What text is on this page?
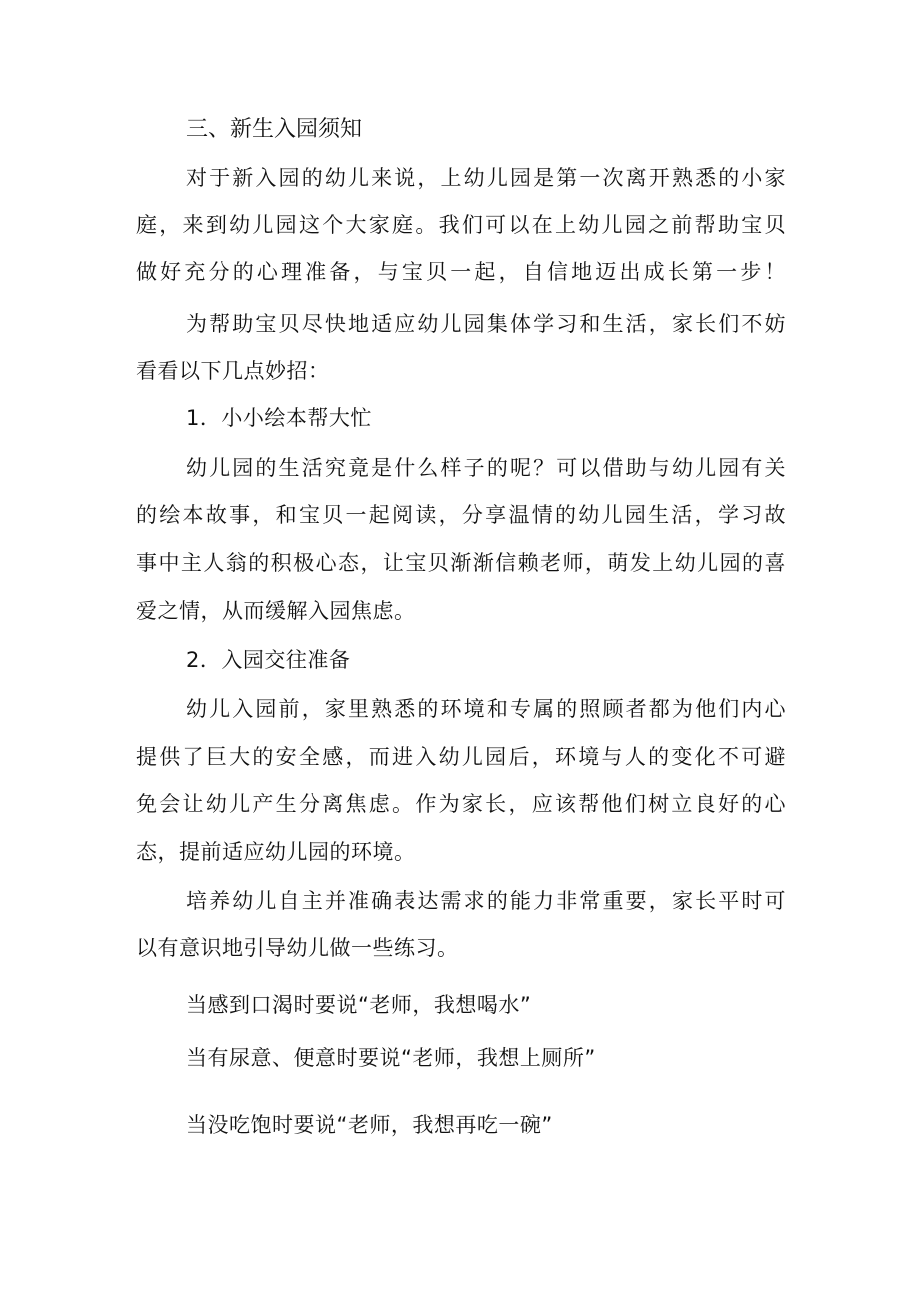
三、新生入园须知
对于新入园的幼儿来说，上幼儿园是第一次离开熟悉的小家
庭，来到幼儿园这个大家庭。我们可以在上幼儿园之前帮助宝贝
做好充分的心理准备，与宝贝一起，自信地迈出成长第一步！
为帮助宝贝尽快地适应幼儿园集体学习和生活，家长们不妨
看看以下几点妙招：
1．小小绘本帮大忙
幼儿园的生活究竟是什么样子的呢？可以借助与幼儿园有关
的绘本故事，和宝贝一起阅读，分享温情的幼儿园生活，学习故
事中主人翁的积极心态，让宝贝渐渐信赖老师，萌发上幼儿园的喜
爱之情，从而缓解入园焦虑。
2．入园交往准备
幼儿入园前，家里熟悉的环境和专属的照顾者都为他们内心
提供了巨大的安全感，而进入幼儿园后，环境与人的变化不可避
免会让幼儿产生分离焦虑。作为家长，应该帮他们树立良好的心
态，提前适应幼儿园的环境。
培养幼儿自主并准确表达需求的能力非常重要，家长平时可
以有意识地引导幼儿做一些练习。
当感到口渴时要说“老师，我想喝水”
当有尿意、便意时要说“老师，我想上厕所”
当没吃饱时要说“老师，我想再吃一碗”
